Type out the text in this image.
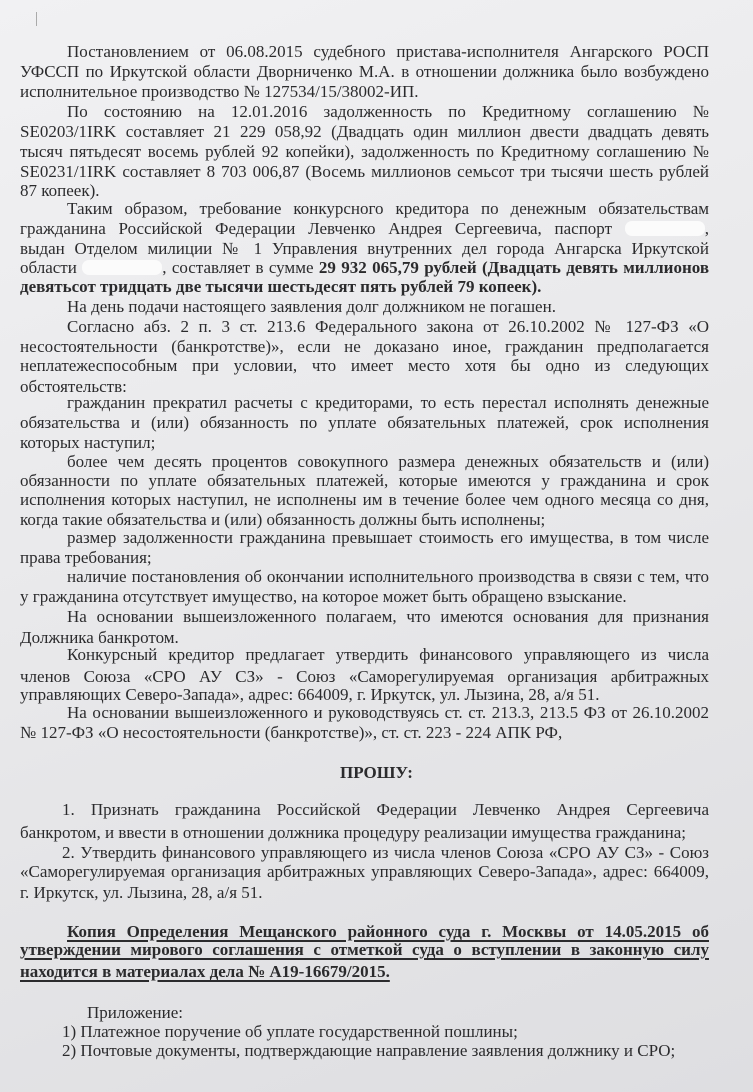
Постановлением от 06.08.2015 судебного пристава-исполнителя Ангарского РОСП
УФССП по Иркутской области Дворниченко М.А. в отношении должника было возбуждено
исполнительное производство № 127534/15/38002-ИП.
По состоянию на 12.01.2016 задолженность по Кредитному соглашению №
SE0203/1IRK составляет 21 229 058,92 (Двадцать один миллион двести двадцать девять
тысяч пятьдесят восемь рублей 92 копейки), задолженность по Кредитному соглашению №
SE0231/1IRK составляет 8 703 006,87 (Восемь миллионов семьсот три тысячи шесть рублей
87 копеек).
Таким образом, требование конкурсного кредитора по денежным обязательствам
гражданина Российской Федерации Левченко Андрея Сергеевича, паспорт	,
выдан Отделом милиции № 1 Управления внутренних дел города Ангарска Иркутской
области	, составляет в сумме 29 932 065,79 рублей (Двадцать девять миллионов
девятьсот тридцать две тысячи шестьдесят пять рублей 79 копеек).
На день подачи настоящего заявления долг должником не погашен.
Согласно абз. 2 п. 3 ст. 213.6 Федерального закона от 26.10.2002 № 127-ФЗ «О
несостоятельности (банкротстве)», если не доказано иное, гражданин предполагается
неплатежеспособным при условии, что имеет место хотя бы одно из следующих
обстоятельств:
гражданин прекратил расчеты с кредиторами, то есть перестал исполнять денежные
обязательства и (или) обязанность по уплате обязательных платежей, срок исполнения
которых наступил;
более чем десять процентов совокупного размера денежных обязательств и (или)
обязанности по уплате обязательных платежей, которые имеются у гражданина и срок
исполнения которых наступил, не исполнены им в течение более чем одного месяца со дня,
когда такие обязательства и (или) обязанность должны быть исполнены;
размер задолженности гражданина превышает стоимость его имущества, в том числе
права требования;
наличие постановления об окончании исполнительного производства в связи с тем, что
у гражданина отсутствует имущество, на которое может быть обращено взыскание.
На основании вышеизложенного полагаем, что имеются основания для признания
Должника банкротом.
Конкурсный кредитор предлагает утвердить финансового управляющего из числа
членов Союза «СРО АУ СЗ» - Союз «Саморегулируемая организация арбитражных
управляющих Северо-Запада», адрес: 664009, г. Иркутск, ул. Лызина, 28, а/я 51.
На основании вышеизложенного и руководствуясь ст. ст. 213.3, 213.5 ФЗ от 26.10.2002
№ 127-ФЗ «О несостоятельности (банкротстве)», ст. ст. 223 - 224 АПК РФ,
ПРОШУ:
1. Признать гражданина Российской Федерации Левченко Андрея Сергеевича
банкротом, и ввести в отношении должника процедуру реализации имущества гражданина;
2. Утвердить финансового управляющего из числа членов Союза «СРО АУ СЗ» - Союз
«Саморегулируемая организация арбитражных управляющих Северо-Запада», адрес: 664009,
г. Иркутск, ул. Лызина, 28, а/я 51.
Копия Определения Мещанского районного суда г. Москвы от 14.05.2015 об
утверждении мирового соглашения с отметкой суда о вступлении в законную силу
находится в материалах дела № А19-16679/2015.
Приложение:
1) Платежное поручение об уплате государственной пошлины;
2) Почтовые документы, подтверждающие направление заявления должнику и СРО;
